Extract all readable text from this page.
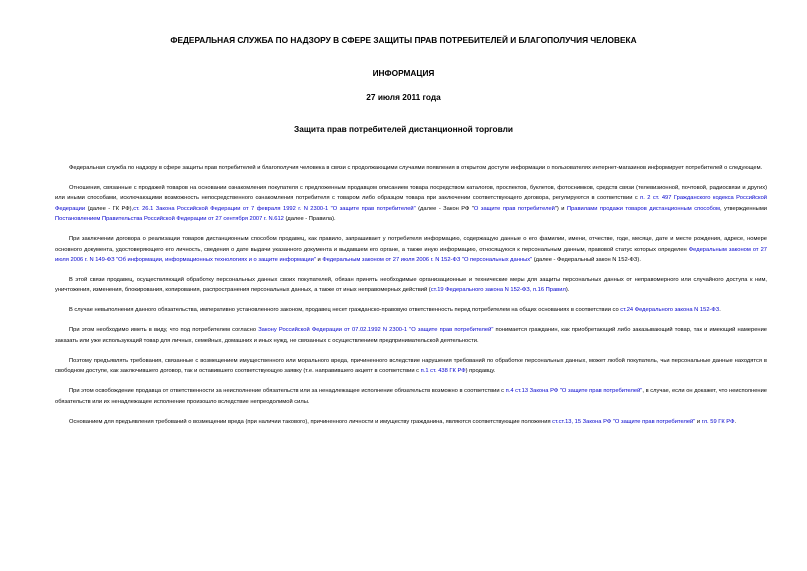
ФЕДЕРАЛЬНАЯ СЛУЖБА ПО НАДЗОРУ В СФЕРЕ ЗАЩИТЫ ПРАВ ПОТРЕБИТЕЛЕЙ И БЛАГОПОЛУЧИЯ ЧЕЛОВЕКА
ИНФОРМАЦИЯ
27 июля 2011 года
Защита прав потребителей дистанционной торговли

Федеральная служба по надзору в сфере защиты прав потребителей и благополучия человека в связи с продолжающими случаями появления в открытом доступе информации о пользователях интернет-магазинов информирует потребителей о следующем.

Отношения, связанные с продажей товаров на основании ознакомления покупателя с предложенным продавцом описанием товара посредством каталогов, проспектов, буклетов, фотоснимков, средств связи (телевизионной, почтовой, радиосвязи и других) или иными способами, исключающими возможность непосредственного ознакомления потребителя с товаром либо образцом товара при заключении соответствующего договора, регулируются в соответствии с п. 2 ст. 497 Гражданского кодекса Российской Федерации (далее - ГК РФ),ст. 26.1 Закона Российской Федерации от 7 февраля 1992 г. N 2300-1 "О защите прав потребителей" (далее - Закон РФ "О защите прав потребителей") и Правилами продажи товаров дистанционным способом, утвержденными Постановлением Правительства Российской Федерации от 27 сентября 2007 г. N.612 (далее - Правила).

При заключении договора о реализации товаров дистанционным способом продавец, как правило, запрашивает у потребителя информацию, содержащую данные о его фамилии, имени, отчестве, годе, месяце, дате и месте рождения, адресе, номере основного документа, удостоверяющего его личность, сведения о дате выдачи указанного документа и выдавшем его органе, а также иную информацию, относящуюся к персональным данным, правовой статус которых определен Федеральным законом от 27 июля 2006 г. N 149-ФЗ "Об информации, информационных технологиях и о защите информации" и Федеральным законом от 27 июля 2006 г. N 152-ФЗ "О персональных данных" (далее - Федеральный закон N 152-ФЗ).

В этой связи продавец, осуществляющий обработку персональных данных своих покупателей, обязан принять необходимые организационные и технические меры для защиты персональных данных от неправомерного или случайного доступа к ним, уничтожения, изменения, блокирования, копирования, распространения персональных данных, а также от иных неправомерных действий (ст.19 Федерального закона N 152-ФЗ, п.16 Правил).

В случае невыполнения данного обязательства, императивно установленного законом, продавец несет гражданско-правовую ответственность перед потребителем на общих основаниях в соответствии со ст.24 Федерального закона N 152-ФЗ.

При этом необходимо иметь в виду, что под потребителем согласно Закону Российской Федерации от 07.02.1992 N 2300-1 "О защите прав потребителей" понимается гражданин, как приобретающий либо заказывающий товар, так и имеющий намерение заказать или уже использующий товар для личных, семейных, домашних и иных нужд, не связанных с осуществлением предпринимательской деятельности.

Поэтому предъявлять требования, связанные с возмещением имущественного или морального вреда, причиненного вследствие нарушения требований по обработке персональных данных, может любой покупатель, чьи персональные данные находятся в свободном доступе, как заключившего договор, так и оставившего соответствующую заявку (т.е. направившего акцепт в соответствии с п.1 ст. 438 ГК РФ) продавцу.

При этом освобождение продавца от ответственности за неисполнение обязательств или за ненадлежащее исполнение обязательств возможно в соответствии с п.4 ст.13 Закона РФ "О защите прав потребителей", в случае, если он докажет, что неисполнение обязательств или их ненадлежащее исполнение произошло вследствие непреодолимой силы.

Основанием для предъявления требований о возмещении вреда (при наличии такового), причиненного личности и имуществу гражданина, являются соответствующие положения ст.ст.13, 15 Закона РФ "О защите прав потребителей" и гл. 59 ГК РФ.
